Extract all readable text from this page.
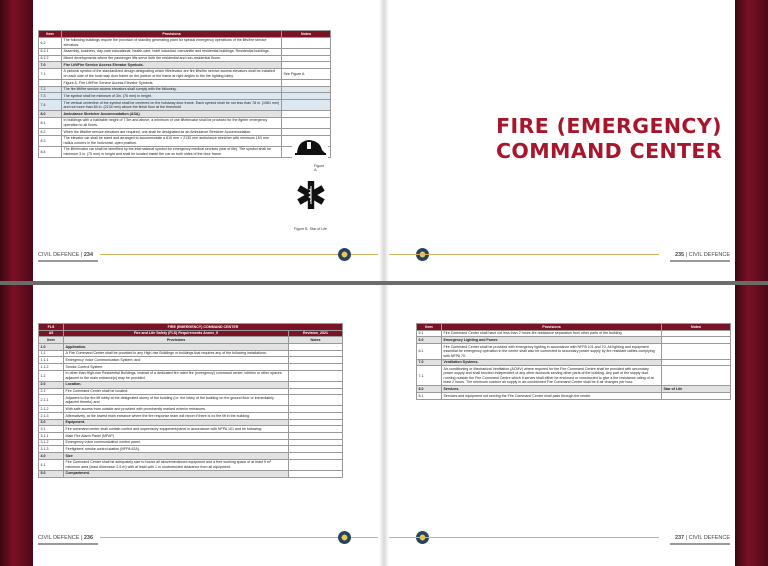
Item	Provisions	Notes
6.2	The following buildings require the provision of standby generating plant for special emergency operations of the lifts/fire service elevators:	
6.2.1	Assembly, business, day-care educational, health-care, hotel industrial, mercantile and residential buildings. Residential buildings.	
6.2.2	Mixed developments where the passenger lifts serve both the residential and non-residential floors.	
7.0	Fire Lift/Fire Service Access Elevator Symbols.	
7.1	A pictorial symbol of the standardized design designating which lift/elevator are fire lifts/fire service access elevators shall be installed on each side of the hoist way door frame on the portion of the frame at right angles to the fire fighting lobby.	See Figure A.
	Figure A. Fire Lift/Fire Service Access Elevator Symbols.	
7.2	The fire lift/fire service access elevators shall comply with the following:	
7.3	The symbol shall be minimum of 3in. (76 mm) in height.	
7.4	The vertical centerline of the symbol shall be centered on the hoistway door frame. Each symbol shall be not less than 78 in. (1981 mm) and not more than 84 in. (2134 mm) above the finish floor at the threshold	
8.0	Ambulance Stretcher Accommodation (ASA)	
8.1	In buildings with a habitable height of 7 5m and above, a minimum of one lift/elevator shall be provided for the fighter emergency operation to all floors.	
8.2	When the lifts/fire service elevators are required, one shall be designated as an Ambulance Stretcher Accommodation.	
8.3	The elevator car shall be sized and arranged to accommodate a 610 mm × 2130 mm ambulance stretcher with minimum 153 mm radius corners in the horizontal, open position.	
8.4	The lift/elevator car shall be identified by the international symbol for emergency medical services (star of life). The symbol shall be minimum 3 in. (75 mm) in height and shall be located inside the car on both sides of the door frame.	
Figure A.
Figure B. Star of Life
FIRE (EMERGENCY)
COMMAND CENTER
CIVIL DEFENCE | 234	235 | CIVIL DEFENCE
FLS	FIRE (EMERGENCY) COMMAND CENTER	
A5	Fire and Life Safety (FLS) Requirements Annex_5	Revision_2021
Item	Provisions	Notes
1.0	Application.	
1.1	A Fire Command Center shall be provided in any High-rise Buildings or buildings that requires any of the following installations:	
1.1.1	Emergency Voice Communication System; and	
1.1.2	Smoke Control System.	
1.2	In other than High-rise Residential Buildings, instead of a dedicated fire rated fire (emergency) command center, lobbies or other spaces adjacent to the main entrance(s) may be provided.	
2.0	Location.	
2.1	Fire Command Center shall be located:	
2.1.1	Adjacent to the fire lift lobby at the designated storey of the building (i.e. the lobby of the building on the ground floor or immediately adjacent thereto) and	
2.1.2	With safe access from outside and provided with prominently marked exterior entrances.	
2.1.3	Alternatively, at the lowest main entrance where the fire response team will report if there is no fire lift in the building.	
3.0	Equipment.	
3.1	Fire command center shall contain control and supervisory equipment/panel in accordance with NFPA 101 and be following:	
3.1.1	Main Fire Alarm Panel (MFAP)	
3.1.2	Emergency voice communication control panel.	
3.1.3	Firefighters' smoke control station (NFPA 92A).	
4.0	Size	
4.1	Fire Command Center shall be adequately size to house all abovementioned equipment and a free working space of at least 9 m² minimum area (least dimension 2.5 m) with at least with 1 m unobstructed clearance from all equipment.	
5.0	Compartment.	
Item	Provisions	Notes
5.1	Fire Command Center shall have not less than 2 hours fire resistance separation from other parts of the building.	
6.0	Emergency Lighting and Power.	
6.1	Fire Command Center shall be provided with emergency lighting in accordance with NFPA 101 and 70. All lighting and equipment essential for emergency operation in the centre shall also be connected to secondary power supply by fire resistant cables complying with NFPA 70.	
7.0	Ventilation Systems.	
7.1	Air-conditioning or Mechanical Ventilation (ACMV) where required for the Fire Command Centre shall be provided with secondary power supply and shall function independent of any other ductwork serving other parts of the building. Any part of the supply duct running outside the Fire Command Centre which it serves shall either be enclosed or constructed to give a fire resistance rating of at least 2 hours. The minimum outdoor air supply in air-conditioned Fire Command Centre shall be 6 air changes per hour.	
8.0	Services.	Star of Life
8.1	Services and equipment not serving the Fire Command Centre shall pass through the center.	
CIVIL DEFENCE | 236	237 | CIVIL DEFENCE
